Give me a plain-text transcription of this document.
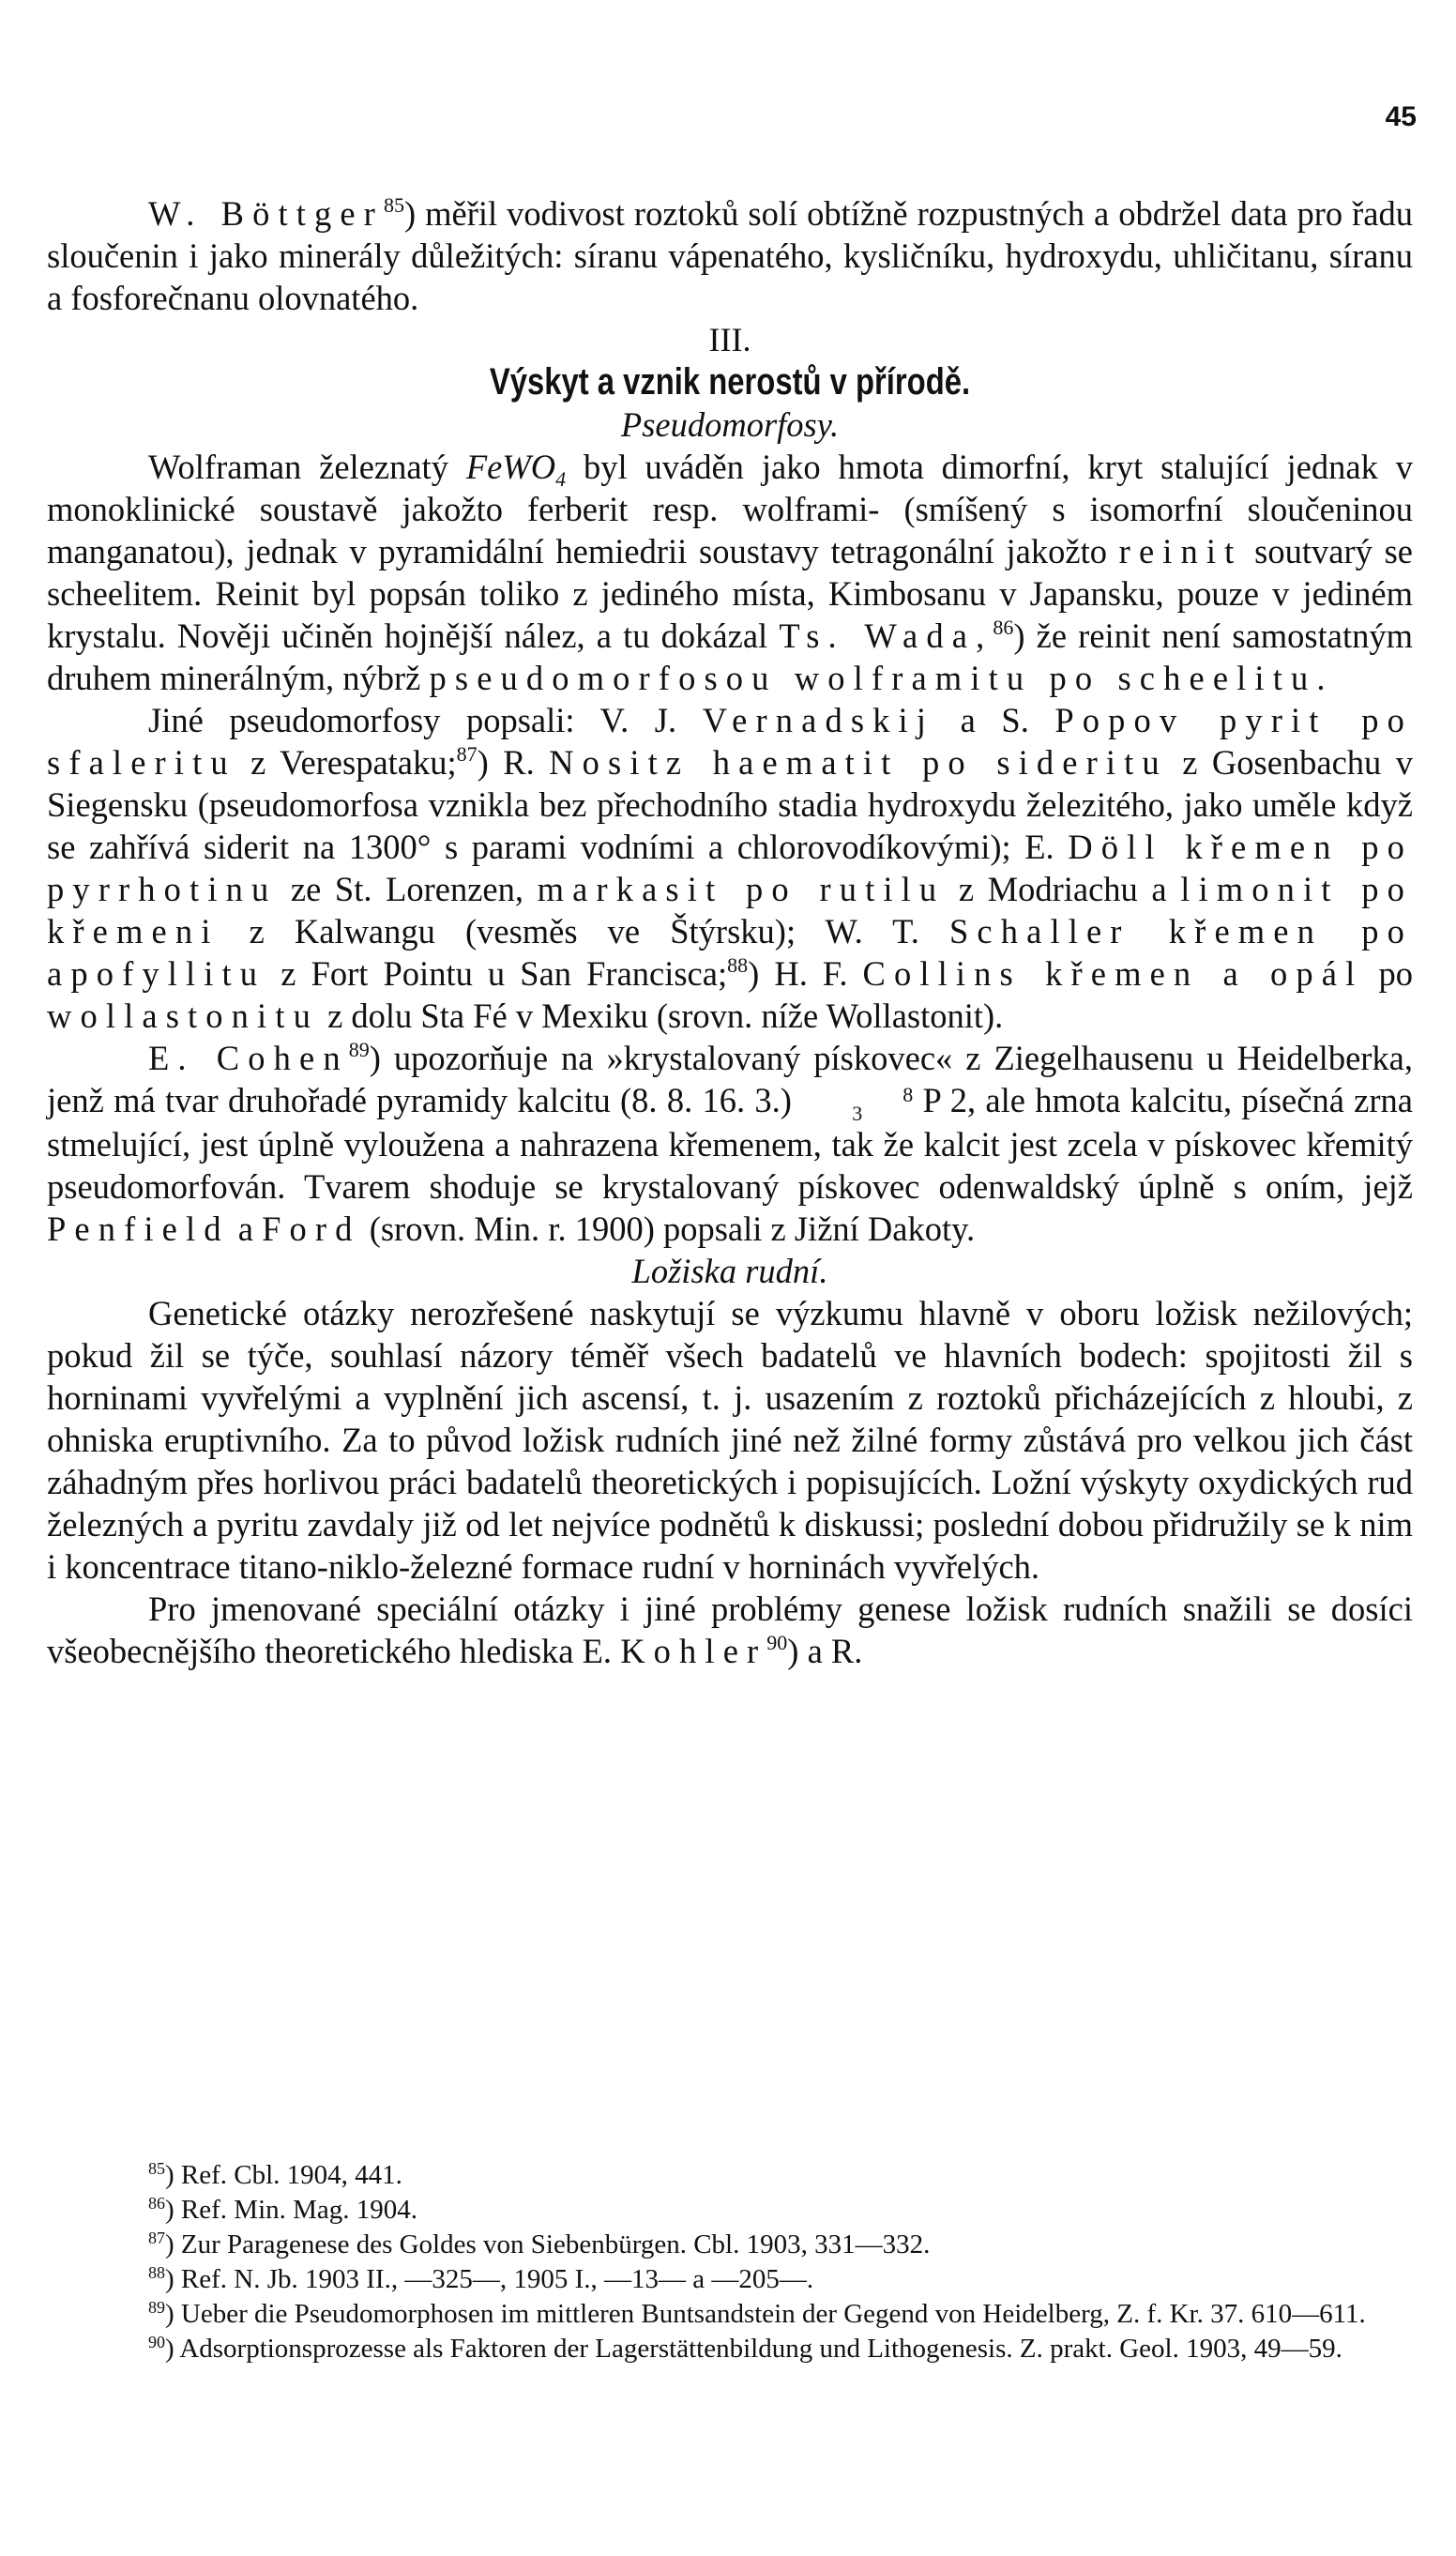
45

W. Böttger$^{85}$) měřil vodivost roztoků solí obtížně rozpustných a obdržel data pro řadu sloučenin i jako minerály důležitých: síranu vápenatého, kysličníku, hydroxydu, uhličitanu, síranu a fosforečnanu olovnatého.

III.

Výskyt a vznik nerostů v přírodě.

Pseudomorfosy.

Wolframan železnatý FeWO$_4$ byl uváděn jako hmota dimorfní, kryt stalující jednak v monoklinické soustavě jakožto ferberit resp. wolframi- (smíšený s isomorfní sloučeninou manganatou), jednak v pyramidální hemiedrii soustavy tetragonální jakožto reinit soutvarý se scheelitem. Reinit byl popsán toliko z jediného místa, Kimbosanu v Japansku, pouze v jediném krystalu. Nověji učiněn hojnější nález, a tu dokázal Ts. Wada,$^{86}$) že reinit není samostatným druhem minerálným, nýbrž pseudomorfosou wolframitu po scheelitu.

Jiné pseudomorfosy popsali: V. J. Vernadskij a S. Popov pyrit po sfaleritu z Verespataku;$^{87}$) R. Nositz haematit po sideritu z Gosenbachu v Siegensku (pseudomorfosa vznikla bez přechodního stadia hydroxydu železitého, jako uměle když se zahřívá siderit na 1300° s parami vodními a chlorovodíkovými); E. Döll křemen po pyrrhotinu ze St. Lorenzen, markasit po rutilu z Modriachu a limonit po křemeni z Kalwangu (vesměs ve Štýrsku); W. T. Schaller křemen po apofyllitu z Fort Pointu u San Francisca;$^{88}$) H. F. Collins křemen a opál po wollastonitu z dolu Sta Fé v Mexiku (srovn. níže Wollastonit).

E. Cohen$^{89}$) upozorňuje na »krystalovaný pískovec« z Ziegelhausenu u Heidelberka, jenž má tvar druhořadé pyramidy kalcitu (8. 8. 16. 3.)	8
3 P 2, ale hmota kalcitu, písečná zrna stmelující, jest úplně vyloužena a nahrazena křemenem, tak že kalcit jest zcela v pískovec křemitý pseudomorfován. Tvarem shoduje se krystalovaný pískovec odenwaldský úplně s oním, jejž Penfield a Ford (srovn. Min. r. 1900) popsali z Jižní Dakoty.

Ložiska rudní.

Genetické otázky nerozřešené naskytují se výzkumu hlavně v oboru ložisk nežilových; pokud žil se týče, souhlasí názory téměř všech badatelů ve hlavních bodech: spojitosti žil s horninami vyvřelými a vyplnění jich ascensí, t. j. usazením z roztoků přicházejících z hloubi, z ohniska eruptivního. Za to původ ložisk rudních jiné než žilné formy zůstává pro velkou jich část záhadným přes horlivou práci badatelů theoretických i popisujících. Ložní výskyty oxydických rud železných a pyritu zavdaly již od let nejvíce podnětů k diskussi; poslední dobou přidružily se k nim i koncentrace titano-niklo-železné formace rudní v horninách vyvřelých.

Pro jmenované speciální otázky i jiné problémy genese ložisk rudních snažili se dosíci všeobecnějšího theoretického hlediska E. Kohler$^{90}$) a R.

$^{85}$) Ref. Cbl. 1904, 441.

$^{86}$) Ref. Min. Mag. 1904.

$^{87}$) Zur Paragenese des Goldes von Siebenbürgen. Cbl. 1903, 331—332.

$^{88}$) Ref. N. Jb. 1903 II., —325—, 1905 I., —13— a —205—.

$^{89}$) Ueber die Pseudomorphosen im mittleren Buntsandstein der Gegend von Heidelberg, Z. f. Kr. 37. 610—611.

$^{90}$) Adsorptionsprozesse als Faktoren der Lagerstättenbildung und Lithogenesis. Z. prakt. Geol. 1903, 49—59.
